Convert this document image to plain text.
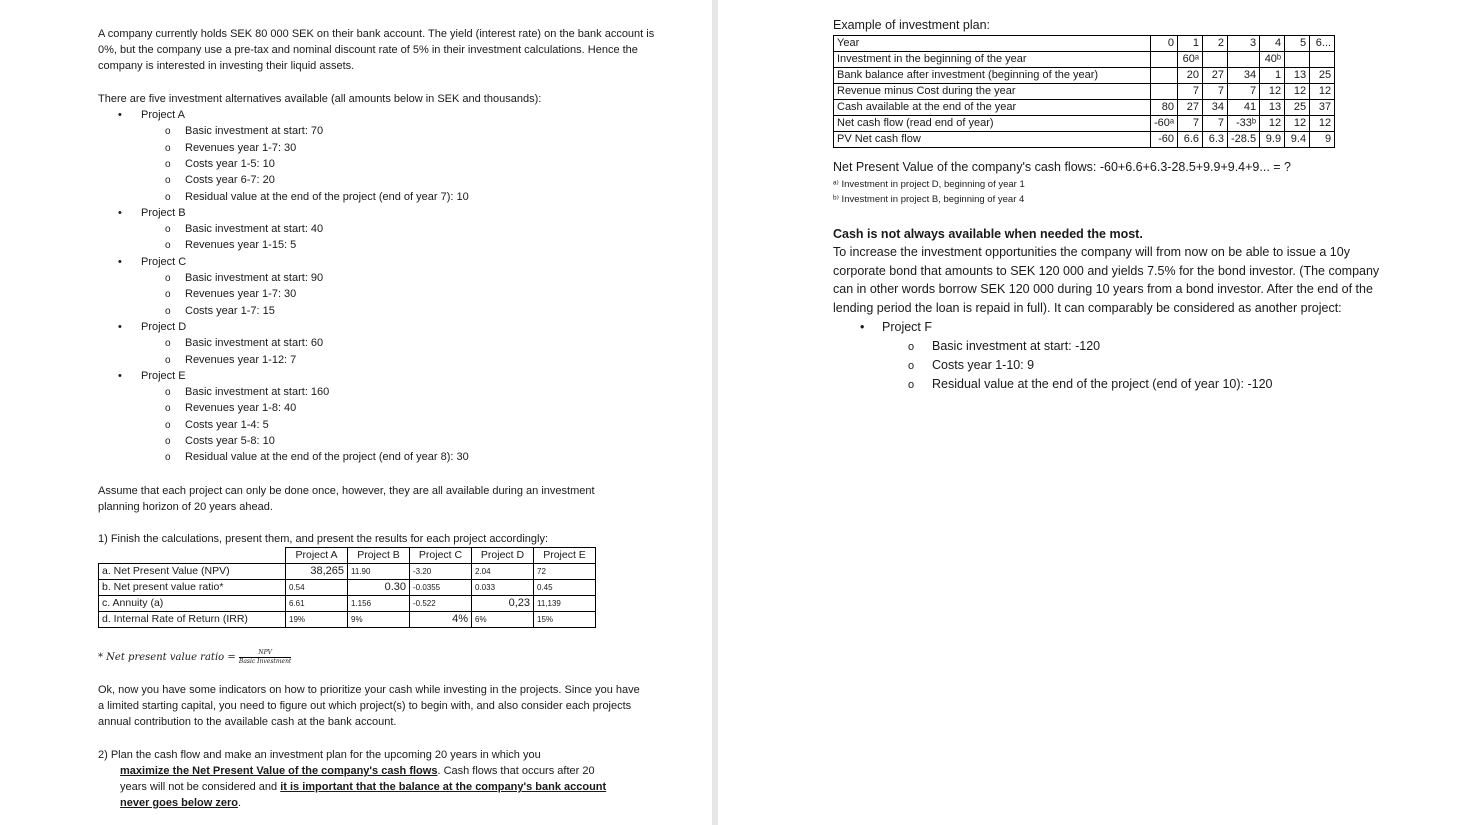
A company currently holds SEK 80 000 SEK on their bank account. The yield (interest rate) on the bank account is 0%, but the company use a pre-tax and nominal discount rate of 5% in their investment calculations. Hence the company is interested in investing their liquid assets.
There are five investment alternatives available (all amounts below in SEK and thousands):
Project A
o Basic investment at start: 70
o Revenues year 1-7: 30
o Costs year 1-5: 10
o Costs year 6-7: 20
o Residual value at the end of the project (end of year 7): 10
Project B
o Basic investment at start: 40
o Revenues year 1-15: 5
Project C
o Basic investment at start: 90
o Revenues year 1-7: 30
o Costs year 1-7: 15
Project D
o Basic investment at start: 60
o Revenues year 1-12: 7
Project E
o Basic investment at start: 160
o Revenues year 1-8: 40
o Costs year 1-4: 5
o Costs year 5-8: 10
o Residual value at the end of the project (end of year 8): 30
Assume that each project can only be done once, however, they are all available during an investment planning horizon of 20 years ahead.
1) Finish the calculations, present them, and present the results for each project accordingly:
	Project A	Project B	Project C	Project D	Project E
a. Net Present Value (NPV)	38,265	11.90	-3.20	2.04	72
b. Net present value ratio*	0.54	0.30	-0.0355	0.033	0.45
c. Annuity (a)	6.61	1.156	-0.522	0,23	11,139
d. Internal Rate of Return (IRR)	19%	9%	4%	6%	15%
* Net present value ratio = $\frac{\text{NPV}}{\text{Basic Investment}}$
Ok, now you have some indicators on how to prioritize your cash while investing in the projects. Since you have a limited starting capital, you need to figure out which project(s) to begin with, and also consider each projects annual contribution to the available cash at the bank account.
2) Plan the cash flow and make an investment plan for the upcoming 20 years in which you
maximize the Net Present Value of the company's cash flows. Cash flows that occurs after 20
years will not be considered and it is important that the balance at the company's bank account
never goes below zero.
Example of investment plan:
Year	0	1	2	3	4	5	6...
Investment in the beginning of the year		60ᵃ			40ᵇ		
Bank balance after investment (beginning of the year)		20	27	34	1	13	25
Revenue minus Cost during the year		7	7	7	12	12	12
Cash available at the end of the year	80	27	34	41	13	25	37
Net cash flow (read end of year)	-60ᵃ	7	7	-33ᵇ	12	12	12
PV Net cash flow	-60	6.6	6.3	-28.5	9.9	9.4	9
Net Present Value of the company's cash flows: -60+6.6+6.3-28.5+9.9+9.4+9... = ?
ᵃ⁾ Investment in project D, beginning of year 1
ᵇ⁾ Investment in project B, beginning of year 4
Cash is not always available when needed the most.
To increase the investment opportunities the company will from now on be able to issue a 10y
corporate bond that amounts to SEK 120 000 and yields 7.5% for the bond investor. (The company
can in other words borrow SEK 120 000 during 10 years from a bond investor. After the end of the
lending period the loan is repaid in full). It can comparably be considered as another project:
Project F
o Basic investment at start: -120
o Costs year 1-10: 9
o Residual value at the end of the project (end of year 10): -120
